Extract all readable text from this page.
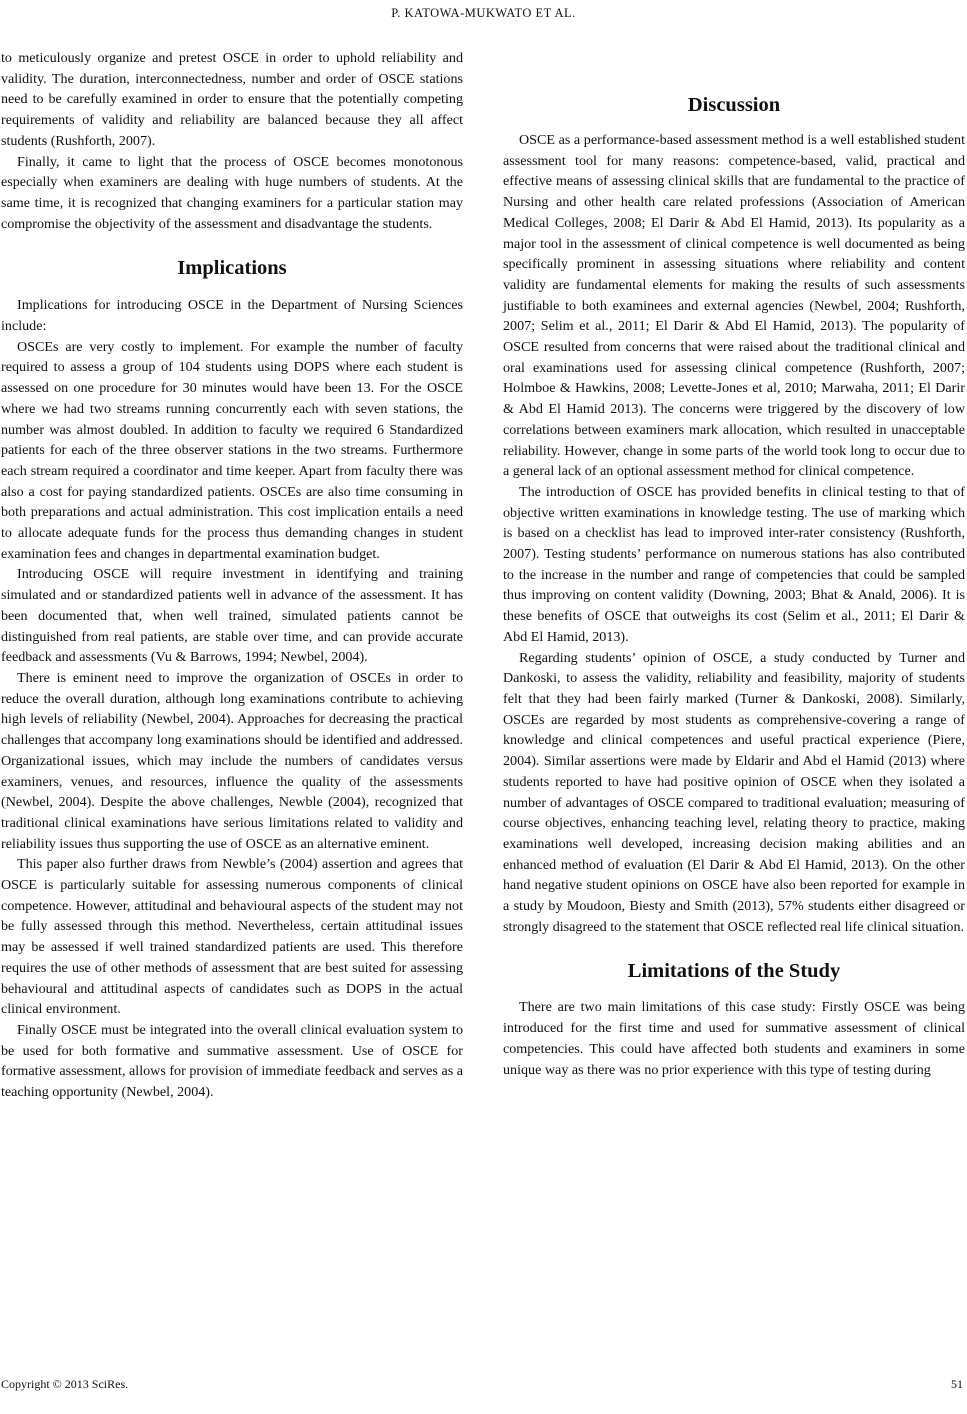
P. KATOWA-MUKWATO ET AL.

to meticulously organize and pretest OSCE in order to uphold reliability and validity. The duration, interconnectedness, number and order of OSCE stations need to be carefully examined in order to ensure that the potentially competing requirements of validity and reliability are balanced because they all affect students (Rushforth, 2007).

Finally, it came to light that the process of OSCE becomes monotonous especially when examiners are dealing with huge numbers of students. At the same time, it is recognized that changing examiners for a particular station may compromise the objectivity of the assessment and disadvantage the students.

Implications

Implications for introducing OSCE in the Department of Nursing Sciences include:

OSCEs are very costly to implement. For example the number of faculty required to assess a group of 104 students using DOPS where each student is assessed on one procedure for 30 minutes would have been 13. For the OSCE where we had two streams running concurrently each with seven stations, the number was almost doubled. In addition to faculty we required 6 Standardized patients for each of the three observer stations in the two streams. Furthermore each stream required a coordinator and time keeper. Apart from faculty there was also a cost for paying standardized patients. OSCEs are also time consuming in both preparations and actual administration. This cost implication entails a need to allocate adequate funds for the process thus demanding changes in student examination fees and changes in departmental examination budget.

Introducing OSCE will require investment in identifying and training simulated and or standardized patients well in advance of the assessment. It has been documented that, when well trained, simulated patients cannot be distinguished from real patients, are stable over time, and can provide accurate feedback and assessments (Vu & Barrows, 1994; Newbel, 2004).

There is eminent need to improve the organization of OSCEs in order to reduce the overall duration, although long examinations contribute to achieving high levels of reliability (Newbel, 2004). Approaches for decreasing the practical challenges that accompany long examinations should be identified and addressed. Organizational issues, which may include the numbers of candidates versus examiners, venues, and resources, influence the quality of the assessments (Newbel, 2004). Despite the above challenges, Newble (2004), recognized that traditional clinical examinations have serious limitations related to validity and reliability issues thus supporting the use of OSCE as an alternative eminent.

This paper also further draws from Newble’s (2004) assertion and agrees that OSCE is particularly suitable for assessing numerous components of clinical competence. However, attitudinal and behavioural aspects of the student may not be fully assessed through this method. Nevertheless, certain attitudinal issues may be assessed if well trained standardized patients are used. This therefore requires the use of other methods of assessment that are best suited for assessing behavioural and attitudinal aspects of candidates such as DOPS in the actual clinical environment.

Finally OSCE must be integrated into the overall clinical evaluation system to be used for both formative and summative assessment. Use of OSCE for formative assessment, allows for provision of immediate feedback and serves as a teaching opportunity (Newbel, 2004).

Discussion

OSCE as a performance-based assessment method is a well established student assessment tool for many reasons: competence-based, valid, practical and effective means of assessing clinical skills that are fundamental to the practice of Nursing and other health care related professions (Association of American Medical Colleges, 2008; El Darir & Abd El Hamid, 2013). Its popularity as a major tool in the assessment of clinical competence is well documented as being specifically prominent in assessing situations where reliability and content validity are fundamental elements for making the results of such assessments justifiable to both examinees and external agencies (Newbel, 2004; Rushforth, 2007; Selim et al., 2011; El Darir & Abd El Hamid, 2013). The popularity of OSCE resulted from concerns that were raised about the traditional clinical and oral examinations used for assessing clinical competence (Rushforth, 2007; Holmboe & Hawkins, 2008; Levette-Jones et al, 2010; Marwaha, 2011; El Darir & Abd El Hamid 2013). The concerns were triggered by the discovery of low correlations between examiners mark allocation, which resulted in unacceptable reliability. However, change in some parts of the world took long to occur due to a general lack of an optional assessment method for clinical competence.

The introduction of OSCE has provided benefits in clinical testing to that of objective written examinations in knowledge testing. The use of marking which is based on a checklist has lead to improved inter-rater consistency (Rushforth, 2007). Testing students’ performance on numerous stations has also contributed to the increase in the number and range of competencies that could be sampled thus improving on content validity (Downing, 2003; Bhat & Anald, 2006). It is these benefits of OSCE that outweighs its cost (Selim et al., 2011; El Darir & Abd El Hamid, 2013).

Regarding students’ opinion of OSCE, a study conducted by Turner and Dankoski, to assess the validity, reliability and feasibility, majority of students felt that they had been fairly marked (Turner & Dankoski, 2008). Similarly, OSCEs are regarded by most students as comprehensive-covering a range of knowledge and clinical competences and useful practical experience (Piere, 2004). Similar assertions were made by Eldarir and Abd el Hamid (2013) where students reported to have had positive opinion of OSCE when they isolated a number of advantages of OSCE compared to traditional evaluation; measuring of course objectives, enhancing teaching level, relating theory to practice, making examinations well developed, increasing decision making abilities and an enhanced method of evaluation (El Darir & Abd El Hamid, 2013). On the other hand negative student opinions on OSCE have also been reported for example in a study by Moudoon, Biesty and Smith (2013), 57% students either disagreed or strongly disagreed to the statement that OSCE reflected real life clinical situation.

Limitations of the Study

There are two main limitations of this case study: Firstly OSCE was being introduced for the first time and used for summative assessment of clinical competencies. This could have affected both students and examiners in some unique way as there was no prior experience with this type of testing during

Copyright © 2013 SciRes.	51
